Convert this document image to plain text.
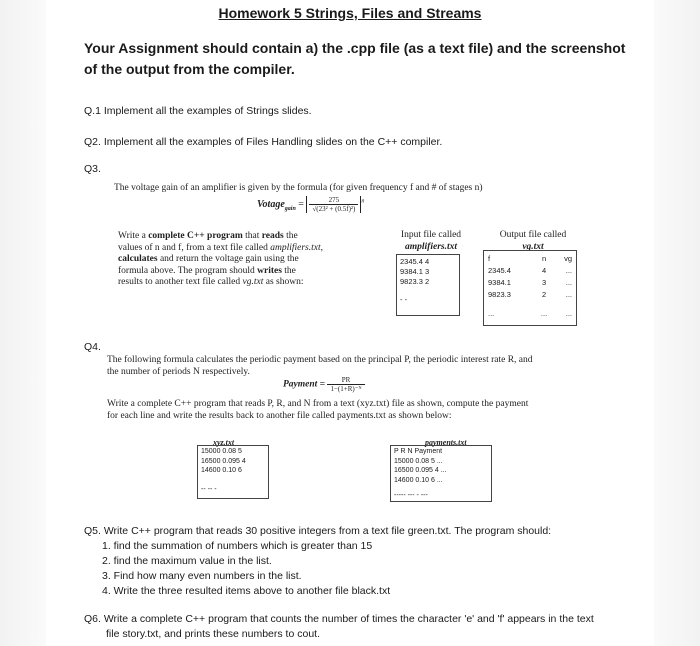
Homework 5 Strings, Files and Streams
Your Assignment should contain a) the .cpp file (as a text file) and the screenshot
of the output from the compiler.
Q.1 Implement all the examples of Strings slides.
Q2. Implement all the examples of Files Handling slides on the C++ compiler.
Q3.
The voltage gain of an amplifier is given by the formula (for given frequency f and # of stages n)
Votage$_{gain}$ = $\frac{275}{\text{√(23² + (0.5f)²)}} ^n$
Write a complete C++ program that reads the
values of n and f, from a text file called amplifiers.txt,
calculates and return the voltage gain using the
formula above. The program should writes the
results to another text file called vg.txt as shown:
Input file called
amplifiers.txt
2345.4 4
9384.1 3
9823.3 2
- -
Output file called
vg.txt
f	n	vg
2345.4	4	...
9384.1	3	...
9823.3	2	...
...	...	...
Q4.
The following formula calculates the periodic payment based on the principal P, the periodic interest rate R, and
the number of periods N respectively.
Payment = $\frac{PR}{\text{1−(1+R)⁻ᴺ}}$
Write a complete C++ program that reads P, R, and N from a text (xyz.txt) file as shown, compute the payment
for each line and write the results back to another file called payments.txt as shown below:
xyz.txt
15000 0.08 5
16500 0.095 4
14600 0.10 6
-- -- -
payments.txt
P R N Payment
15000 0.08 5 ...
16500 0.095 4 ...
14600 0.10 6 ...
----- --- - ---
Q5. Write C++ program that reads 30 positive integers from a text file green.txt. The program should:
1. find the summation of numbers which is greater than 15
2. find the maximum value in the list.
3. Find how many even numbers in the list.
4. Write the three resulted items above to another file black.txt
Q6. Write a complete C++ program that counts the number of times the character 'e' and 'f' appears in the text
file story.txt, and prints these numbers to cout.
